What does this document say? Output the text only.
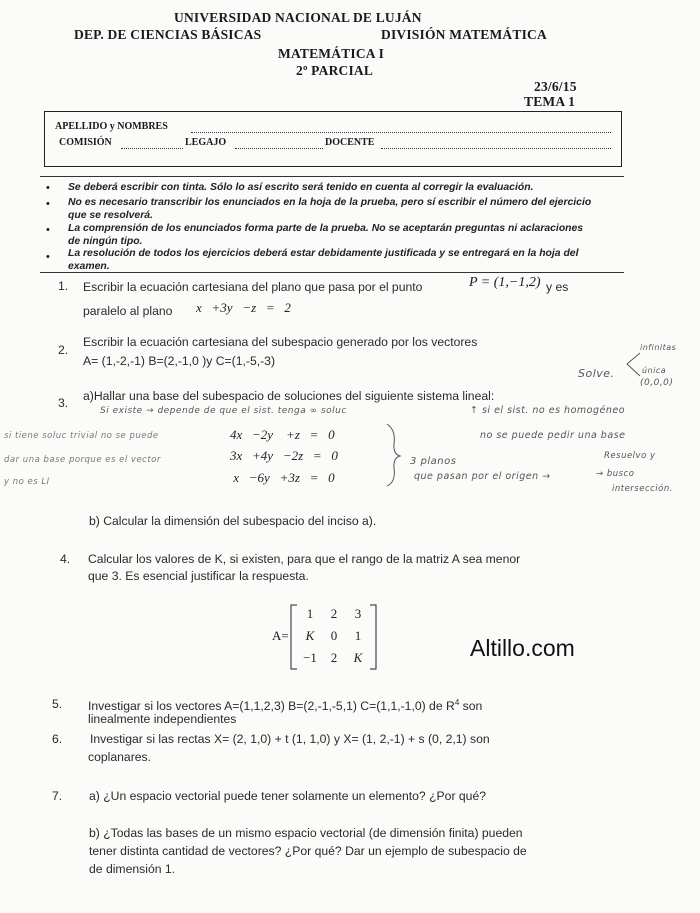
UNIVERSIDAD NACIONAL DE LUJÁN
DEP. DE CIENCIAS BÁSICAS	DIVISIÓN MATEMÁTICA
MATEMÁTICA I
2º PARCIAL
23/6/15
TEMA 1
APELLIDO y NOMBRES
COMISIÓN	LEGAJO	DOCENTE
• Se deberá escribir con tinta. Sólo lo así escrito será tenido en cuenta al corregir la evaluación.
• No es necesario transcribir los enunciados en la hoja de la prueba, pero sí escribir el número del ejercicio que se resolverá.
• La comprensión de los enunciados forma parte de la prueba. No se aceptarán preguntas ni aclaraciones de ningún tipo.
• La resolución de todos los ejercicios deberá estar debidamente justificada y se entregará en la hoja del examen.
1. Escribir la ecuación cartesiana del plano que pasa por el punto	P = (1,−1,2) y es
paralelo al plano x   +3y   −z   =   2
2.
Escribir la ecuación cartesiana del subespacio generado por los vectores
A= (1,-2,-1) B=(2,-1,0 )y C=(1,-5,-3)
3. a)Hallar una base del subespacio de soluciones del siguiente sistema lineal:
4x   −2y    +z   =   0
3x   +4y   −2z   =   0
x   −6y   +3z   =   0
b) Calcular la dimensión del subespacio del inciso a).
4. Calcular los valores de K, si existen, para que el rango de la matriz A sea menor
que 3. Es esencial justificar la respuesta.
A=
1	2	3
K	0	1
−1	2	K	Altillo.com
5. Investigar si los vectores A=(1,1,2,3) B=(2,-1,-5,1) C=(1,1,-1,0) de $R^4$ son
linealmente independientes
6. Investigar si las rectas X= (2, 1,0) + t (1, 1,0) y X= (1, 2,-1) + s (0, 2,1) son
coplanares.
7. a) ¿Un espacio vectorial puede tener solamente un elemento? ¿Por qué?
b) ¿Todas las bases de un mismo espacio vectorial (de dimensión finita) pueden
tener distinta cantidad de vectores? ¿Por qué? Dar un ejemplo de subespacio de
de dimensión 1.
Solve.
infinitas
única
(0,0,0)
Si existe → depende de que el sist. tenga ∞ soluc	↑ si el sist. no es homogéneo
no se puede pedir una base
3 planos
que pasan por el origen →
Resuelvo y
→ busco
intersección.
si tiene soluc trivial no se puede
dar una base porque es el vector
y no es LI
